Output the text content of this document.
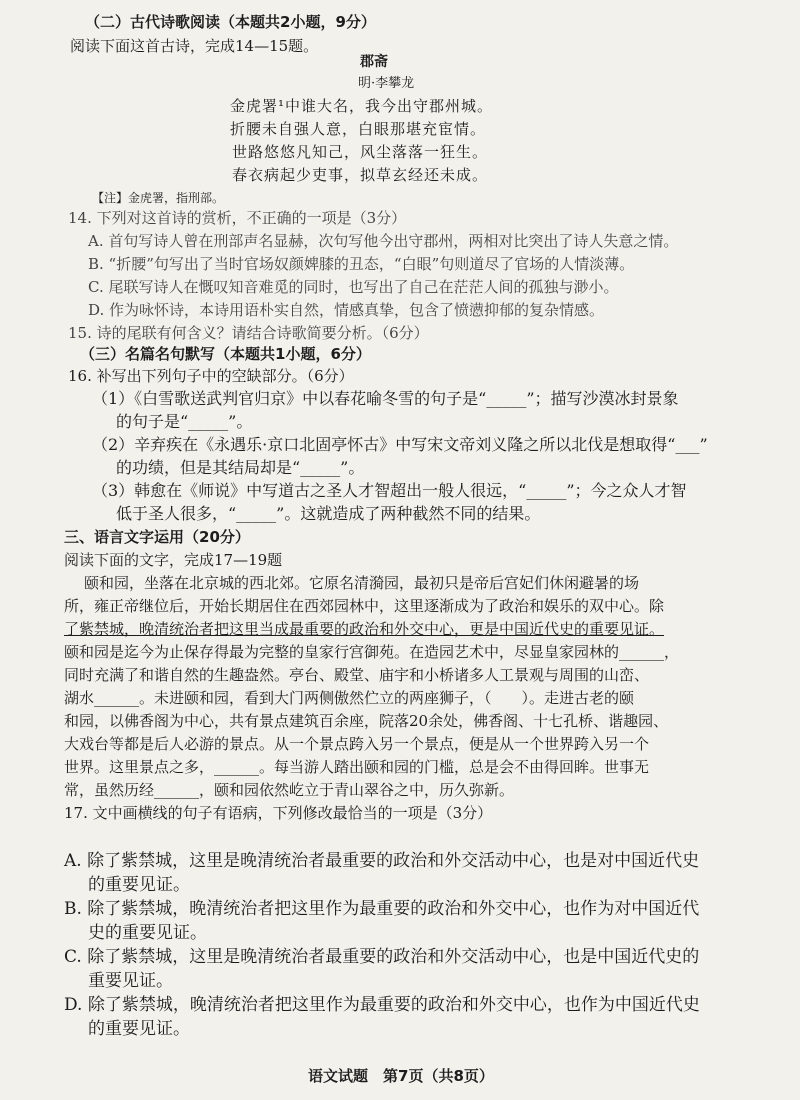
（二）古代诗歌阅读（本题共2小题，9分）
阅读下面这首古诗，完成14—15题。
郡斋
明·李攀龙
金虎署¹中谁大名，我今出守郡州城。
折腰未自强人意，白眼那堪充宦情。
世路悠悠凡知己，风尘落落一狂生。
春衣病起少吏事，拟草玄经还未成。
【注】金虎署，指刑部。
14. 下列对这首诗的赏析，不正确的一项是（3分）
A. 首句写诗人曾在刑部声名显赫，次句写他今出守郡州，两相对比突出了诗人失意之情。
B. “折腰”句写出了当时官场奴颜婢膝的丑态，“白眼”句则道尽了官场的人情淡薄。
C. 尾联写诗人在慨叹知音难觅的同时，也写出了自己在茫茫人间的孤独与渺小。
D. 作为咏怀诗，本诗用语朴实自然，情感真挚，包含了愤懑抑郁的复杂情感。
15. 诗的尾联有何含义？请结合诗歌简要分析。（6分）
（三）名篇名句默写（本题共1小题，6分）
16. 补写出下列句子中的空缺部分。（6分）
（1）《白雪歌送武判官归京》中以春花喻冬雪的句子是“_____”；描写沙漠冰封景象
的句子是“_____”。
（2）辛弃疾在《永遇乐·京口北固亭怀古》中写宋文帝刘义隆之所以北伐是想取得“___”
的功绩，但是其结局却是“_____”。
（3）韩愈在《师说》中写道古之圣人才智超出一般人很远，“_____”；今之众人才智
低于圣人很多，“_____”。这就造成了两种截然不同的结果。
三、语言文字运用（20分）
阅读下面的文字，完成17—19题
颐和园，坐落在北京城的西北郊。它原名清漪园，最初只是帝后宫妃们休闲避暑的场
所，雍正帝继位后，开始长期居住在西郊园林中，这里逐渐成为了政治和娱乐的双中心。除
了紫禁城，晚清统治者把这里当成最重要的政治和外交中心，更是中国近代史的重要见证。
颐和园是迄今为止保存得最为完整的皇家行宫御苑。在造园艺术中，尽显皇家园林的______，
同时充满了和谐自然的生趣盎然。亭台、殿堂、庙宇和小桥诸多人工景观与周围的山峦、
湖水______。未进颐和园，看到大门两侧傲然伫立的两座狮子，（　　）。走进古老的颐
和园，以佛香阁为中心，共有景点建筑百余座，院落20余处，佛香阁、十七孔桥、谐趣园、
大戏台等都是后人必游的景点。从一个景点跨入另一个景点，便是从一个世界跨入另一个
世界。这里景点之多，______。每当游人踏出颐和园的门槛，总是会不由得回眸。世事无
常，虽然历经______，颐和园依然屹立于青山翠谷之中，历久弥新。
17. 文中画横线的句子有语病，下列修改最恰当的一项是（3分）
A. 除了紫禁城，这里是晚清统治者最重要的政治和外交活动中心，也是对中国近代史
的重要见证。
B. 除了紫禁城，晚清统治者把这里作为最重要的政治和外交中心，也作为对中国近代
史的重要见证。
C. 除了紫禁城，这里是晚清统治者最重要的政治和外交活动中心，也是中国近代史的
重要见证。
D. 除了紫禁城，晚清统治者把这里作为最重要的政治和外交中心，也作为中国近代史
的重要见证。
语文试题　第7页（共8页）
